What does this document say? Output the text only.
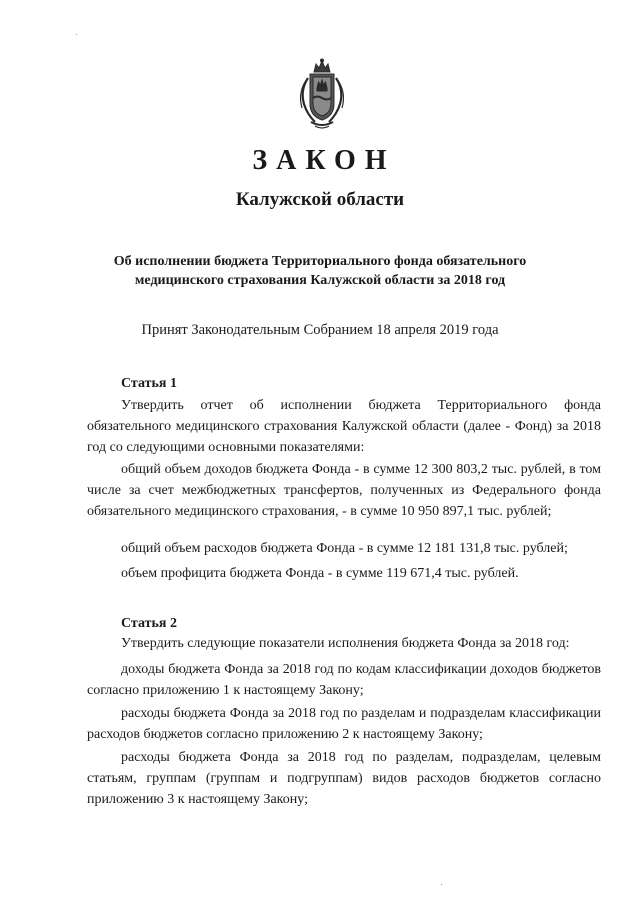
ЗАКОН
Калужской области
Об исполнении бюджета Территориального фонда обязательного
медицинского страхования Калужской области за 2018 год
Принят Законодательным Собранием 18 апреля 2019 года
Статья 1

Утвердить отчет об исполнении бюджета Территориального фонда обязательного медицинского страхования Калужской области (далее - Фонд) за 2018 год со следующими основными показателями:

общий объем доходов бюджета Фонда - в сумме 12 300 803,2 тыс. рублей, в том числе за счет межбюджетных трансфертов, полученных из Федерального фонда обязательного медицинского страхования, - в сумме 10 950 897,1 тыс. рублей;

общий объем расходов бюджета Фонда - в сумме 12 181 131,8 тыс. рублей;
объем профицита бюджета Фонда - в сумме 119 671,4 тыс. рублей.
Статья 2
Утвердить следующие показатели исполнения бюджета Фонда за 2018 год:

доходы бюджета Фонда за 2018 год по кодам классификации доходов бюджетов согласно приложению 1 к настоящему Закону;

расходы бюджета Фонда за 2018 год по разделам и подразделам классификации расходов бюджетов согласно приложению 2 к настоящему Закону;

расходы бюджета Фонда за 2018 год по разделам, подразделам, целевым статьям, группам (группам и подгруппам) видов расходов бюджетов согласно приложению 3 к настоящему Закону;
